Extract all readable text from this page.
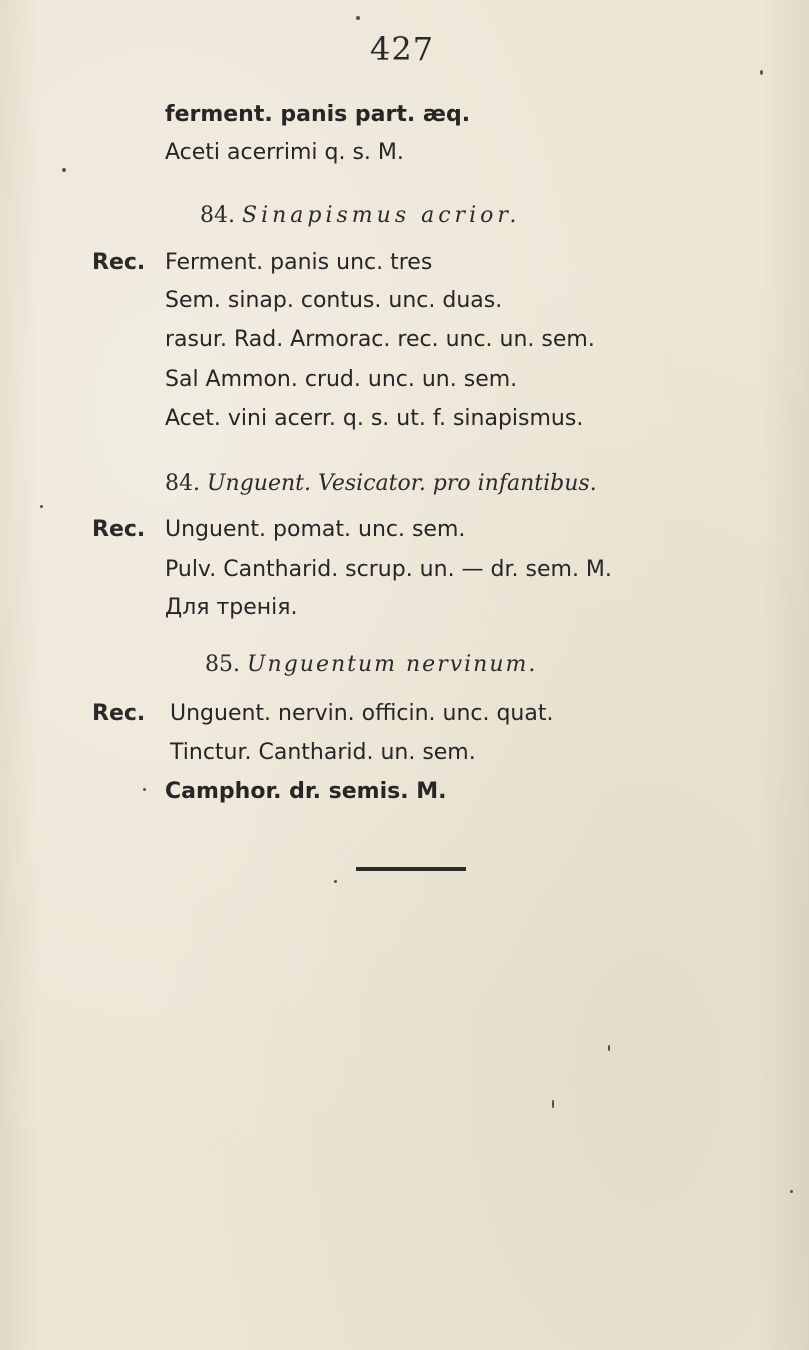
427
ferment. panis part. æq.
Aceti acerrimi q. s. M.
84. Sinapismus acrior.
Rec. Ferment. panis unc. tres
Sem. sinap. contus. unc. duas.
rasur. Rad. Armorac. rec. unc. un. sem.
Sal Ammon. crud. unc. un. sem.
Acet. vini acerr. q. s. ut. f. sinapismus.
84. Unguent. Vesicator. pro infantibus.
Rec. Unguent. pomat. unc. sem.
Pulv. Cantharid. scrup. un. — dr. sem. M.
Для тренія.
85. Unguentum nervinum.
Rec. Unguent. nervin. officin. unc. quat.
Tinctur. Cantharid. un. sem.
Camphor. dr. semis. M.
